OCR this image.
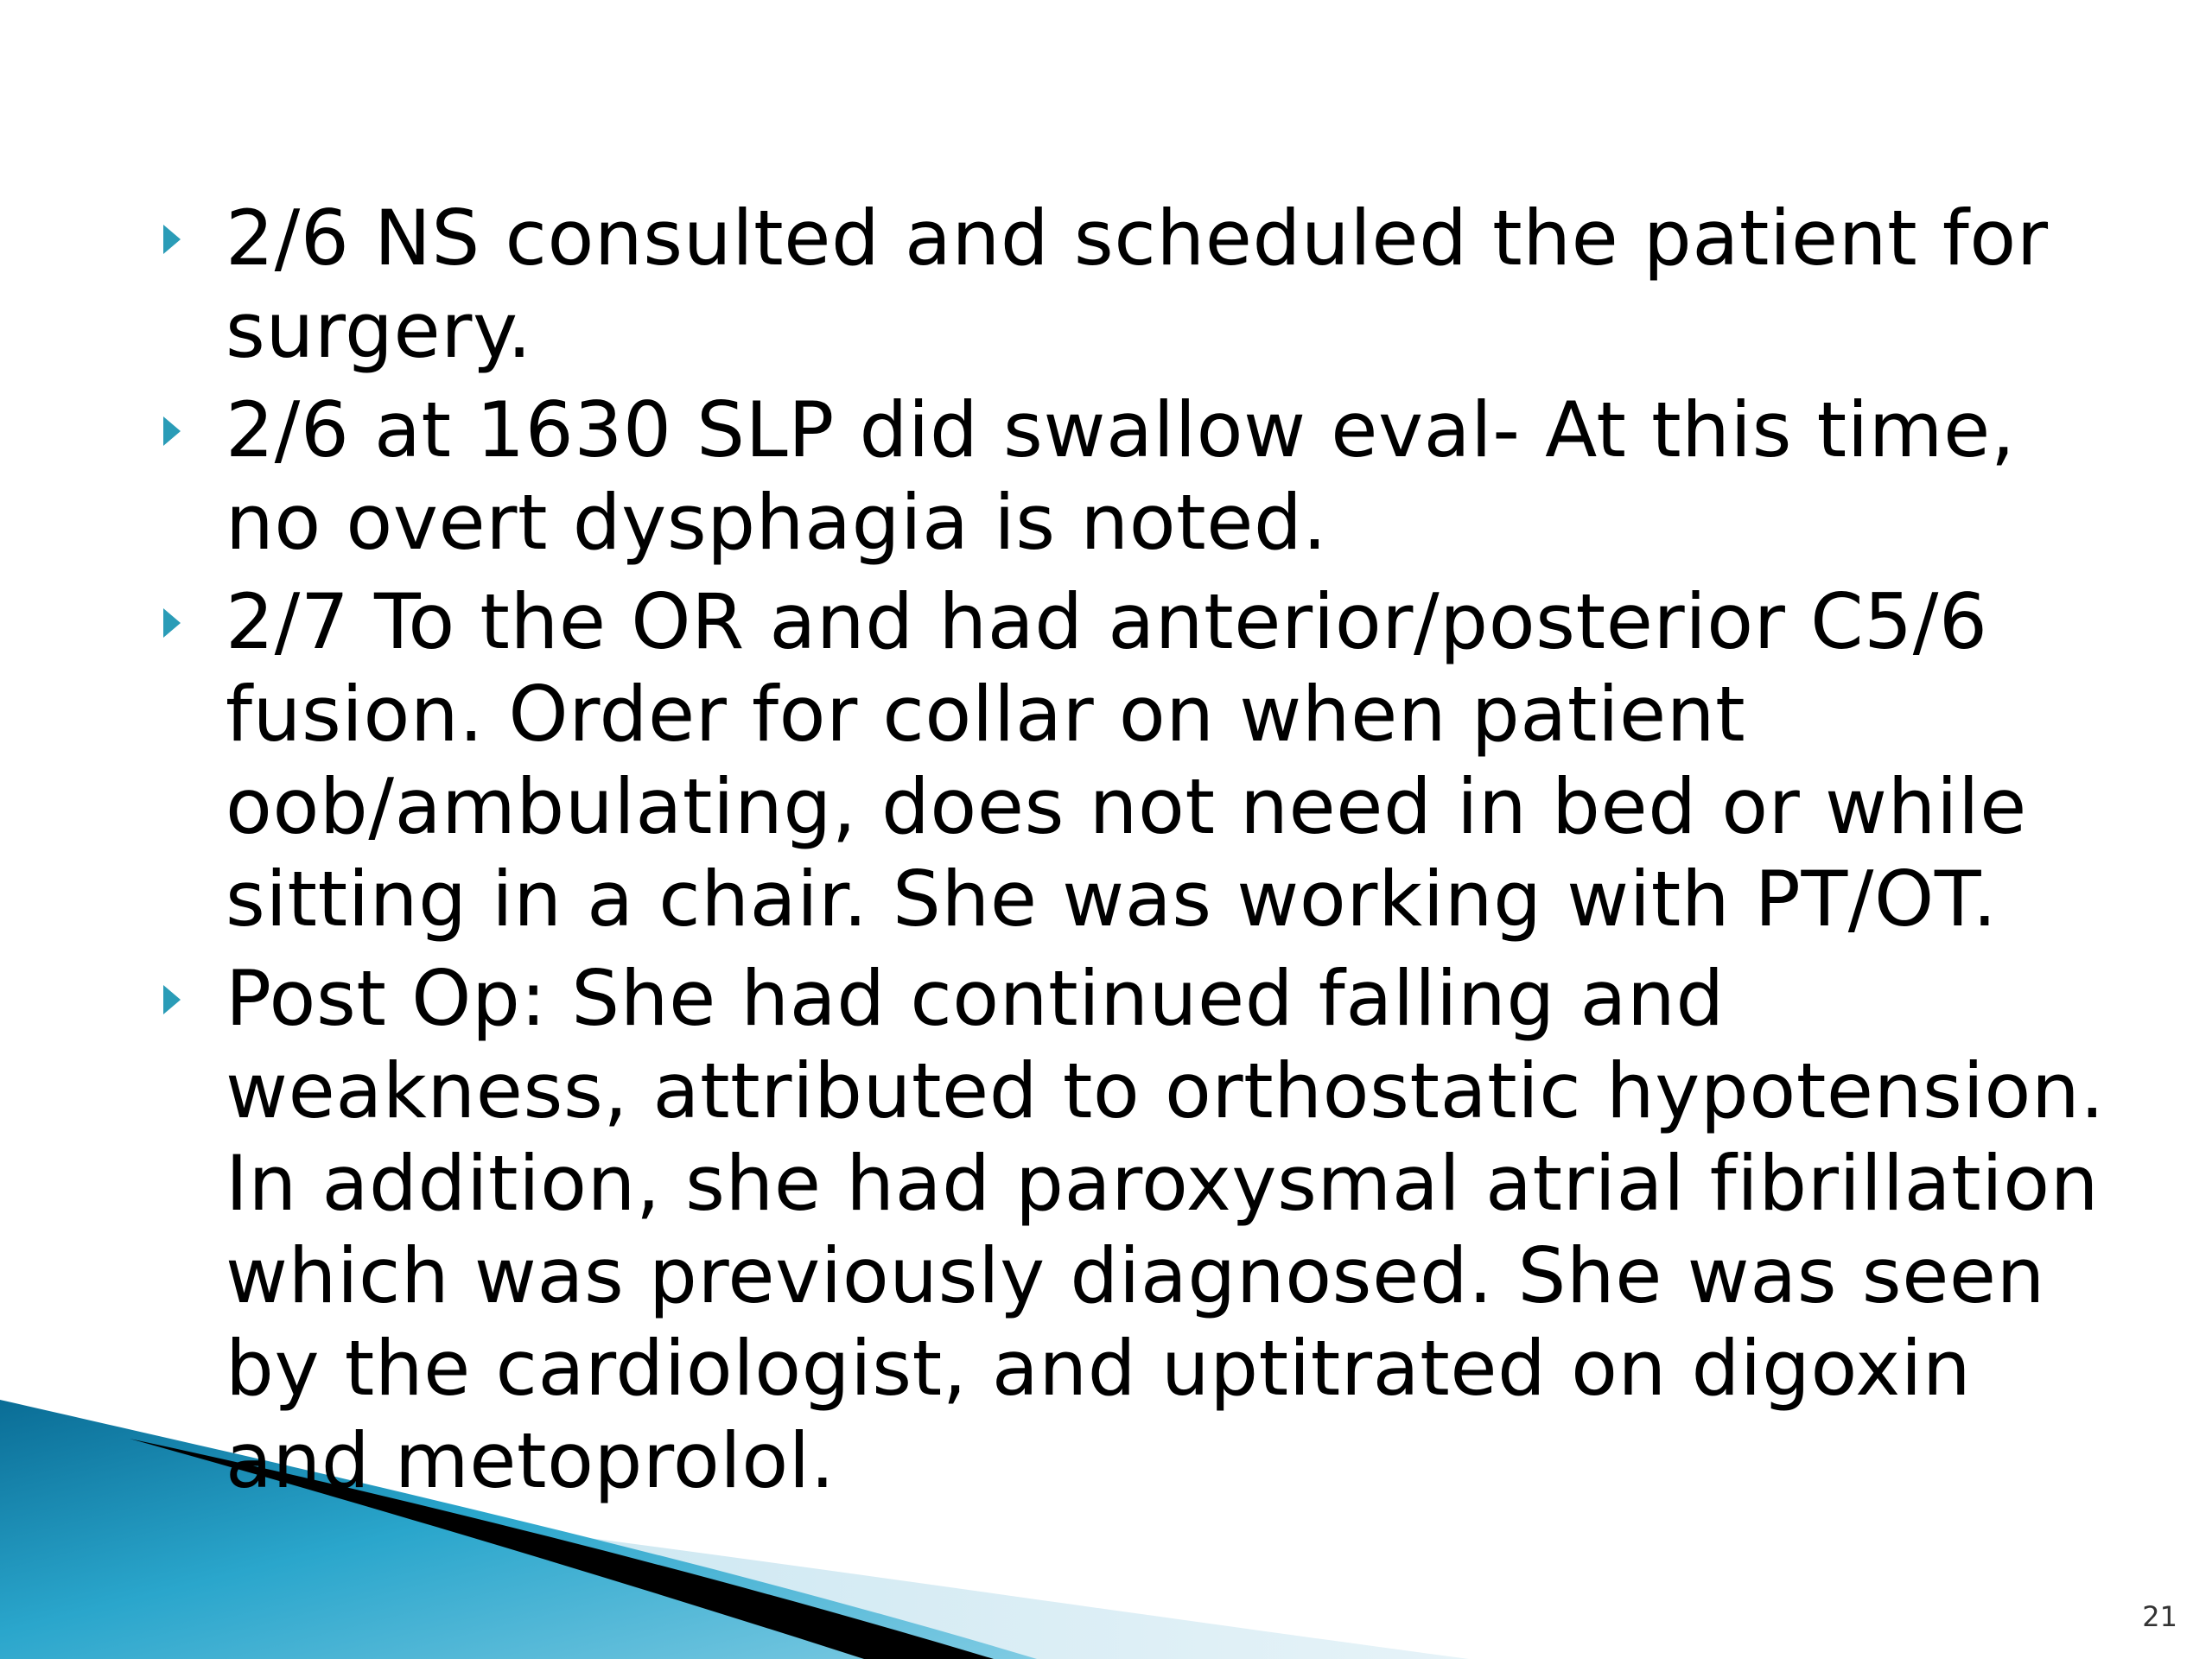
2/6 NS consulted and scheduled the patient for surgery.
2/6 at 1630 SLP did swallow eval- At this time, no overt dysphagia is noted.
2/7 To the OR and had anterior/posterior C5/6 fusion. Order for collar on when patient oob/ambulating, does not need in bed or while sitting in a chair. She was working with PT/OT.
Post Op: She had continued falling and weakness, attributed to orthostatic hypotension. In addition, she had paroxysmal atrial fibrillation which was previously diagnosed. She was seen by the cardiologist, and uptitrated on digoxin and metoprolol.
21
